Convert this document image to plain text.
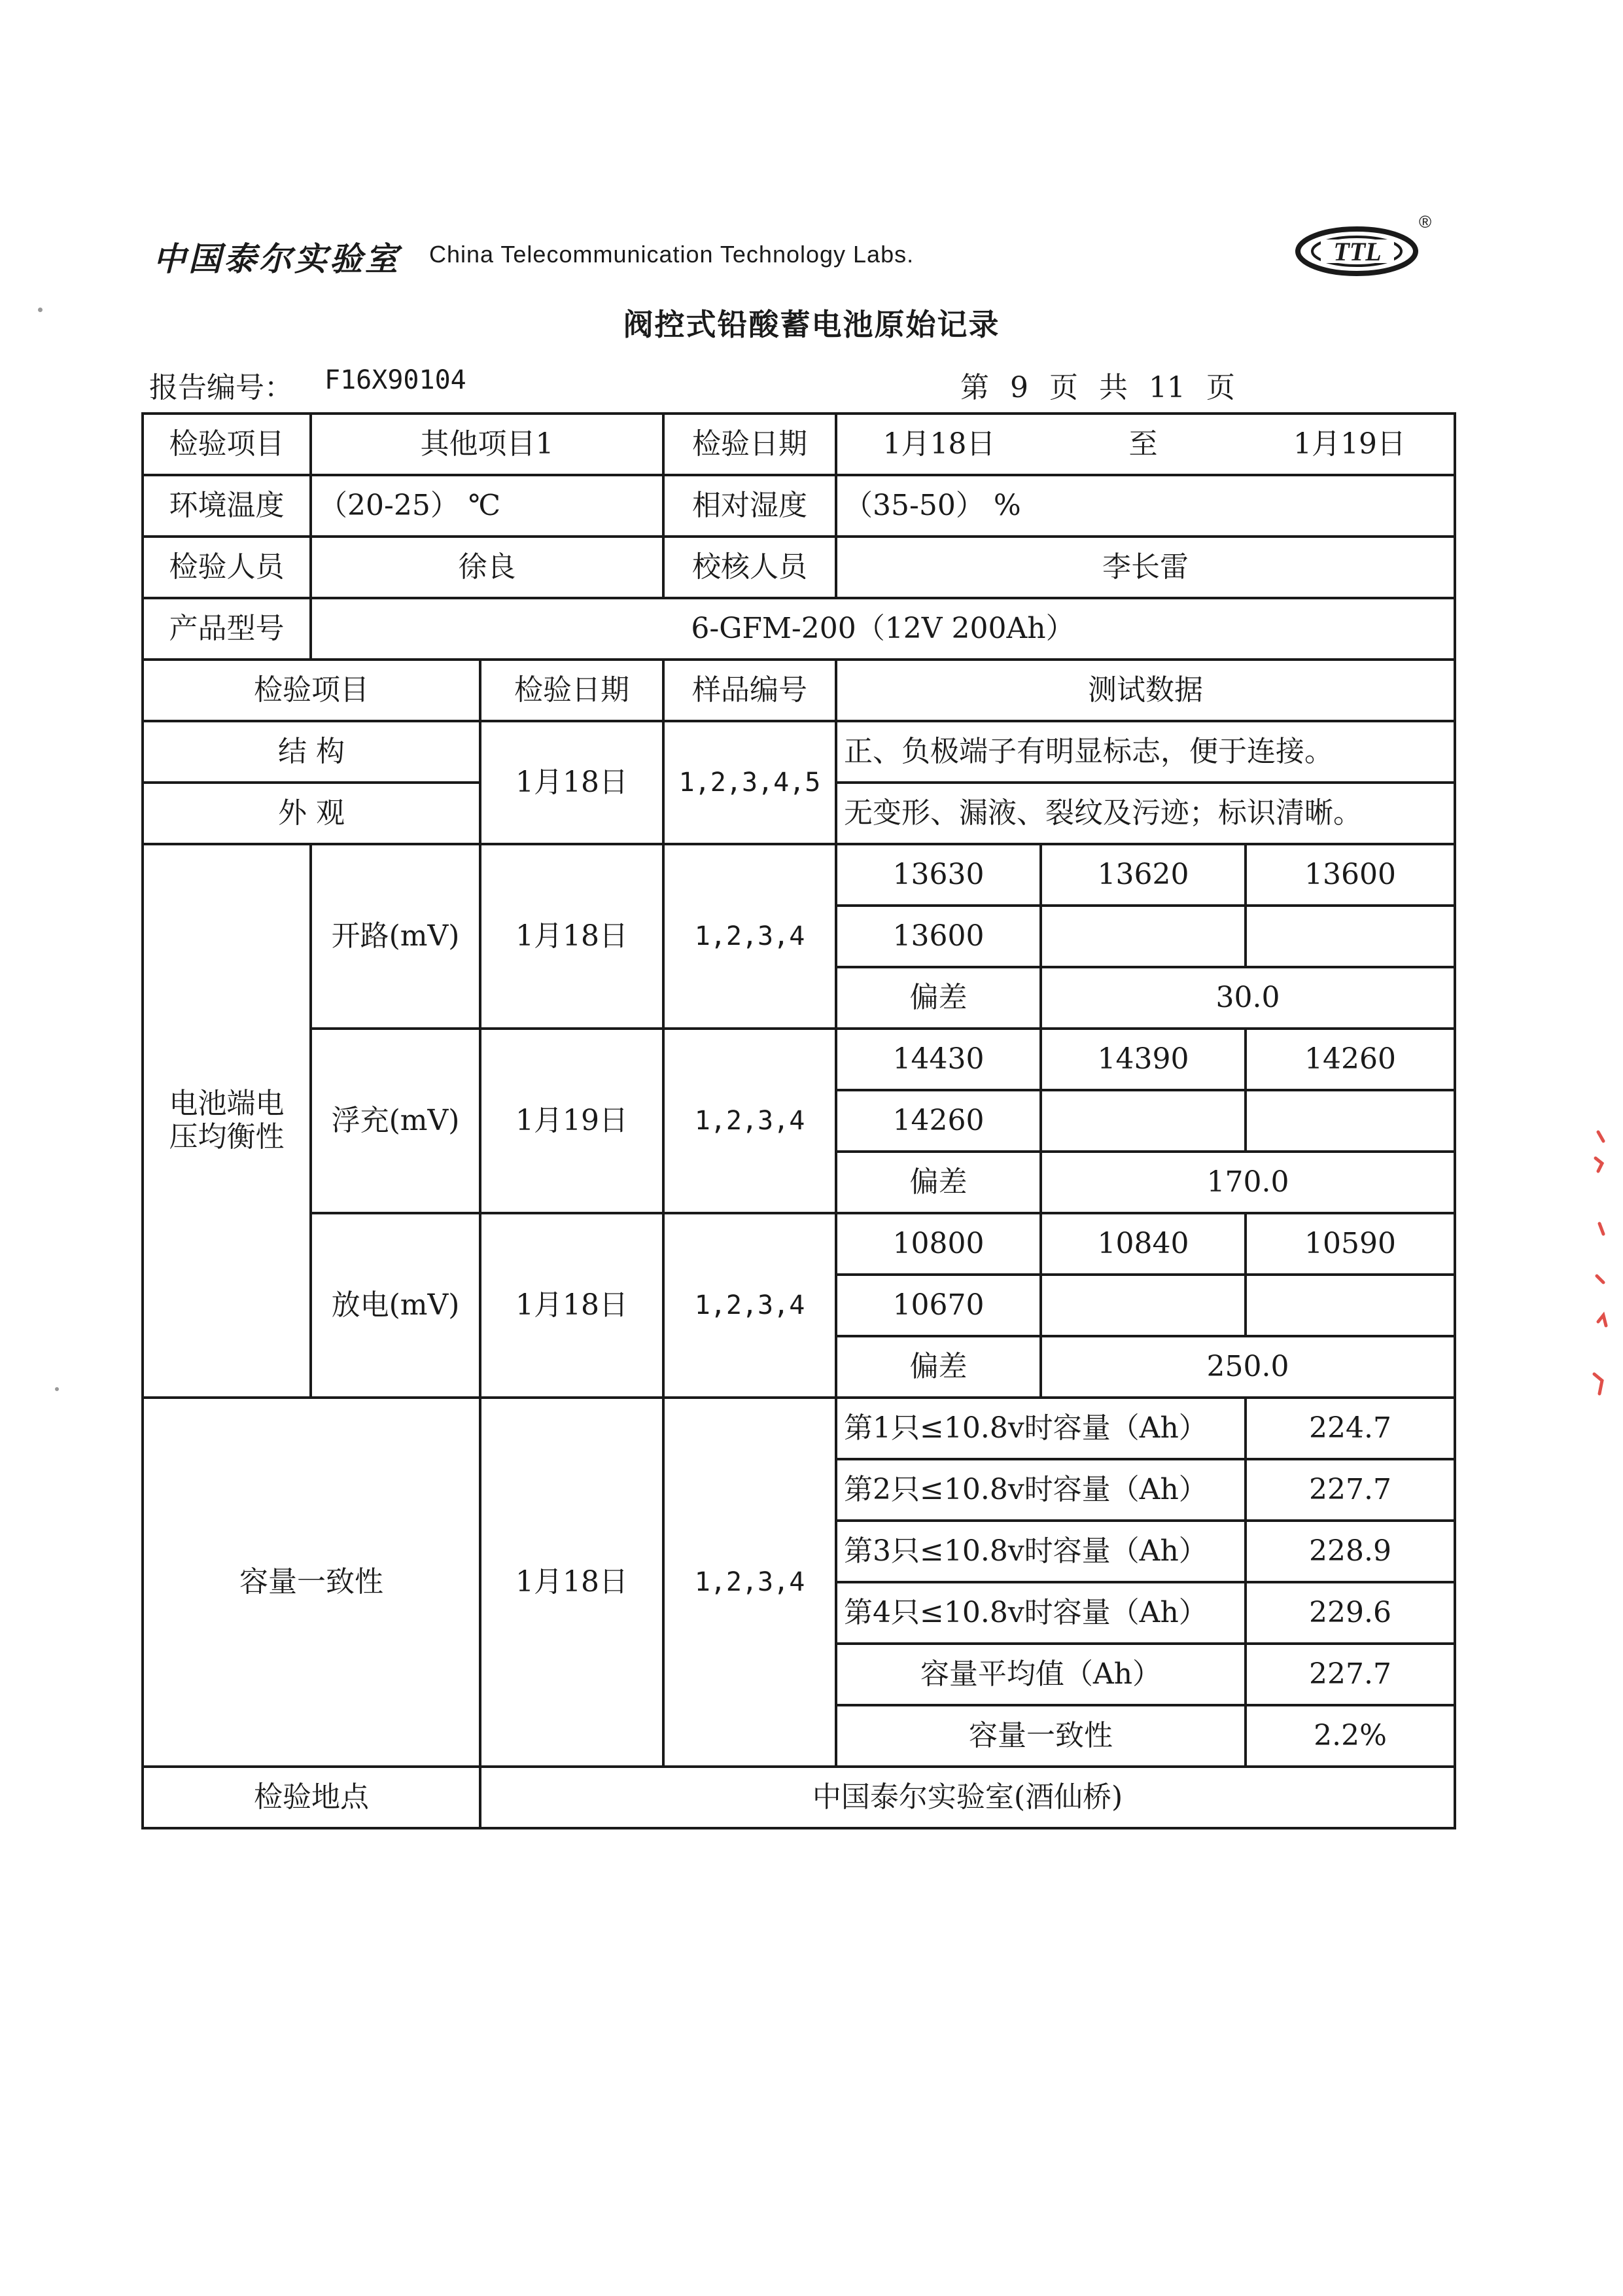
中国泰尔实验室 China Telecommunication Technology Labs.	TTL
®
阀控式铅酸蓄电池原始记录
报告编号： F16X90104	第 9 页 共 11 页
检验项目	其他项目1		检验日期	1月18日	至	1月19日
环境温度	（20-25） ℃		相对湿度	（35-50） %		
检验人员	徐良		校核人员	李长雷		
产品型号	6-GFM-200（12V 200Ah）					
检验项目		检验日期	样品编号	测试数据		
结 构		1月18日	1,2,3,4,5	正、负极端子有明显标志，便于连接。		
外 观				无变形、漏液、裂纹及污迹；标识清晰。		
电池端电压均衡性	开路(mV)	1月18日	1,2,3,4	13630	13620	13600
				13600		
				偏差	30.0	
	浮充(mV)	1月19日	1,2,3,4	14430	14390	14260
				14260		
				偏差	170.0	
	放电(mV)	1月18日	1,2,3,4	10800	10840	10590
				10670		
				偏差	250.0	
容量一致性		1月18日	1,2,3,4	第1只≤10.8v时容量（Ah）		224.7
				第2只≤10.8v时容量（Ah）		227.7
				第3只≤10.8v时容量（Ah）		228.9
				第4只≤10.8v时容量（Ah）		229.6
				容量平均值（Ah）		227.7
				容量一致性		2.2%
检验地点		中国泰尔实验室(酒仙桥)				
